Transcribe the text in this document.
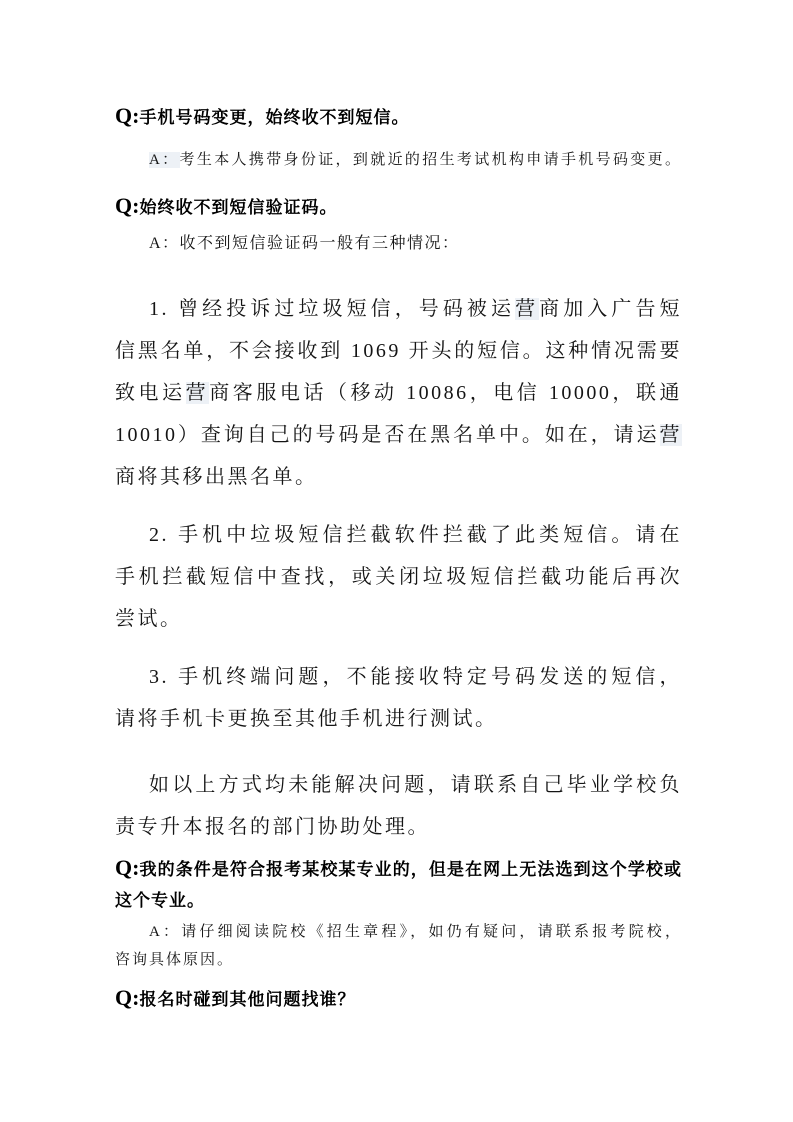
Q:手机号码变更，始终收不到短信。
A：考生本人携带身份证，到就近的招生考试机构申请手机号码变更。
Q:始终收不到短信验证码。
A：收不到短信验证码一般有三种情况：
1. 曾经投诉过垃圾短信，号码被运营商加入广告短
信黑名单，不会接收到 1069 开头的短信。这种情况需要
致电运营商客服电话（移动 10086，电信 10000，联通
10010）查询自己的号码是否在黑名单中。如在，请运营
商将其移出黑名单。
2. 手机中垃圾短信拦截软件拦截了此类短信。请在
手机拦截短信中查找，或关闭垃圾短信拦截功能后再次
尝试。
3. 手机终端问题，不能接收特定号码发送的短信，
请将手机卡更换至其他手机进行测试。
如以上方式均未能解决问题，请联系自己毕业学校负
责专升本报名的部门协助处理。
Q:我的条件是符合报考某校某专业的，但是在网上无法选到这个学校或
这个专业。
A：请仔细阅读院校《招生章程》，如仍有疑问，请联系报考院校，
咨询具体原因。
Q:报名时碰到其他问题找谁？
